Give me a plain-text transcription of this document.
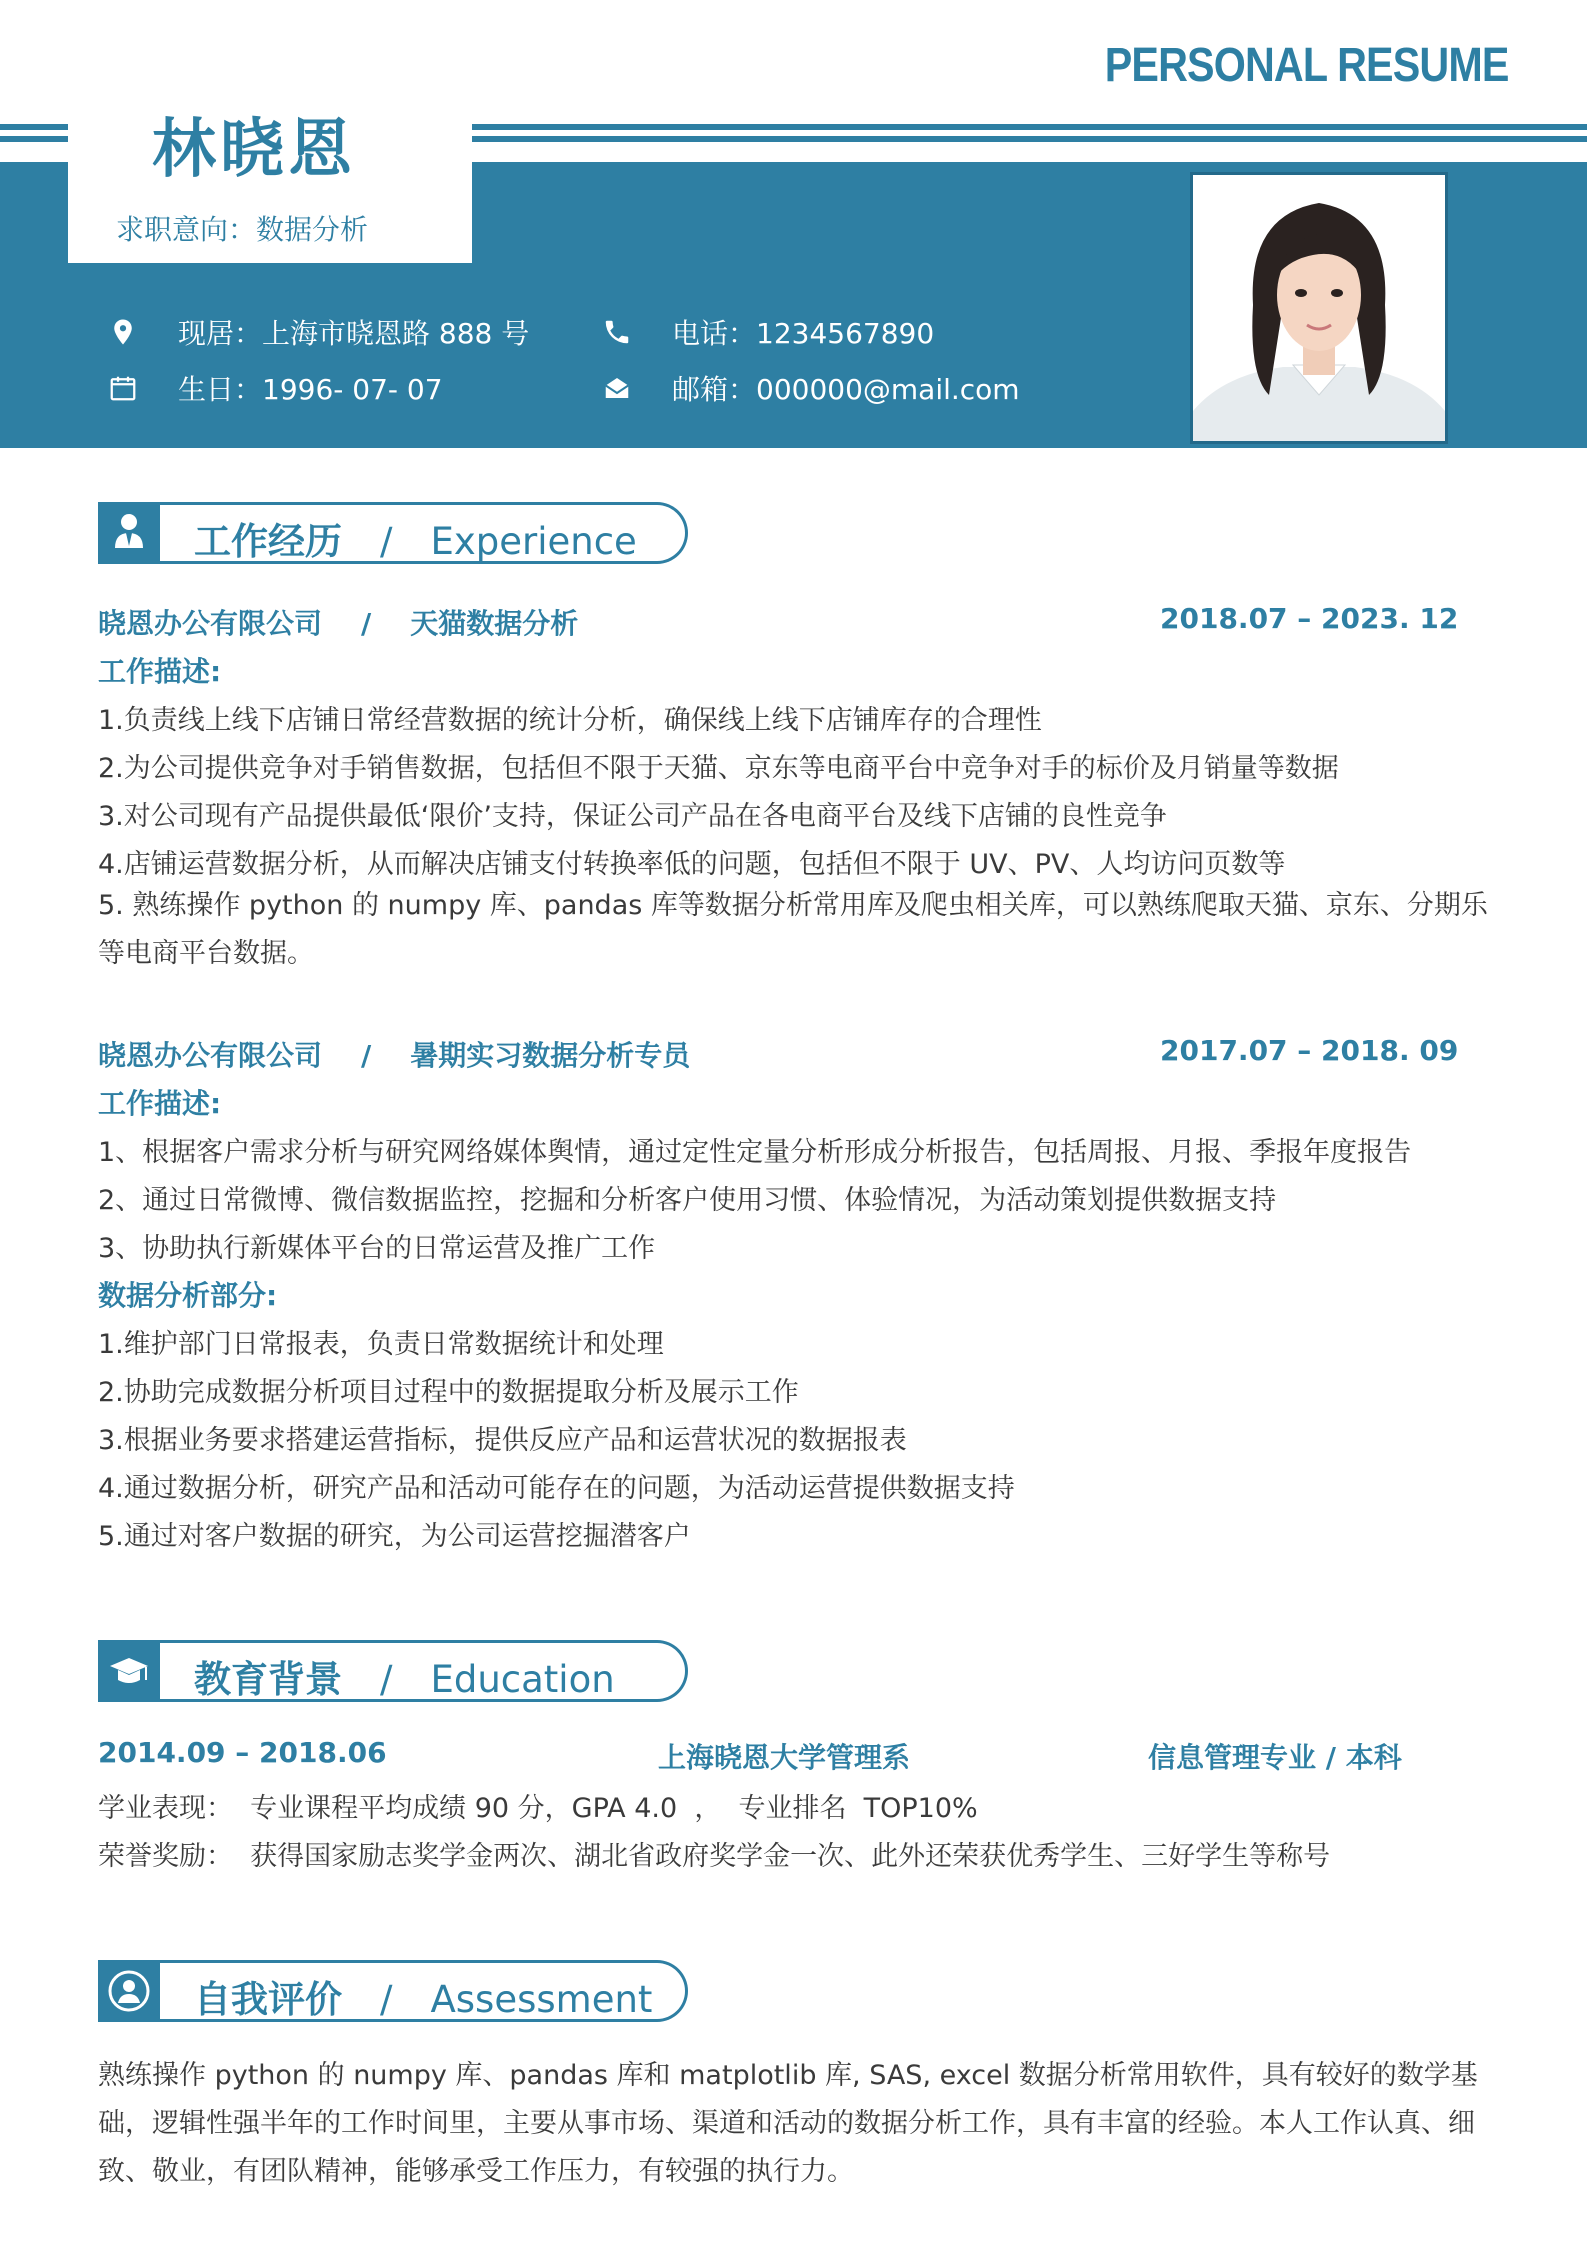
PERSONAL RESUME
林晓恩
求职意向：数据分析
现居：上海市晓恩路 888 号
生日：1996- 07- 07
电话：1234567890
邮箱：000000@mail.com
工作经历 / Experience
晓恩办公有限公司    /    天猫数据分析	2018.07 – 2023. 12
工作描述:
1.负责线上线下店铺日常经营数据的统计分析，确保线上线下店铺库存的合理性
2.为公司提供竞争对手销售数据，包括但不限于天猫、京东等电商平台中竞争对手的标价及月销量等数据
3.对公司现有产品提供最低‘限价’支持，保证公司产品在各电商平台及线下店铺的良性竞争
4.店铺运营数据分析，从而解决店铺支付转换率低的问题，包括但不限于 UV、PV、人均访问页数等
5. 熟练操作 python 的 numpy 库、pandas 库等数据分析常用库及爬虫相关库，可以熟练爬取天猫、京东、分期乐等电商平台数据。
晓恩办公有限公司    /    暑期实习数据分析专员	2017.07 – 2018. 09
工作描述:
1、根据客户需求分析与研究网络媒体舆情，通过定性定量分析形成分析报告，包括周报、月报、季报年度报告
2、通过日常微博、微信数据监控，挖掘和分析客户使用习惯、体验情况，为活动策划提供数据支持
3、协助执行新媒体平台的日常运营及推广工作
数据分析部分:
1.维护部门日常报表，负责日常数据统计和处理
2.协助完成数据分析项目过程中的数据提取分析及展示工作
3.根据业务要求搭建运营指标，提供反应产品和运营状况的数据报表
4.通过数据分析，研究产品和活动可能存在的问题，为活动运营提供数据支持
5.通过对客户数据的研究，为公司运营挖掘潜客户
教育背景 / Education
2014.09 – 2018.06	上海晓恩大学管理系	信息管理专业 / 本科
学业表现：  专业课程平均成绩 90 分，GPA 4.0  ，  专业排名  TOP10%
荣誉奖励：  获得国家励志奖学金两次、湖北省政府奖学金一次、此外还荣获优秀学生、三好学生等称号
自我评价 / Assessment
熟练操作 python 的 numpy 库、pandas 库和 matplotlib 库, SAS, excel 数据分析常用软件，具有较好的数学基础，逻辑性强半年的工作时间里，主要从事市场、渠道和活动的数据分析工作，具有丰富的经验。本人工作认真、细致、敬业，有团队精神，能够承受工作压力，有较强的执行力。
